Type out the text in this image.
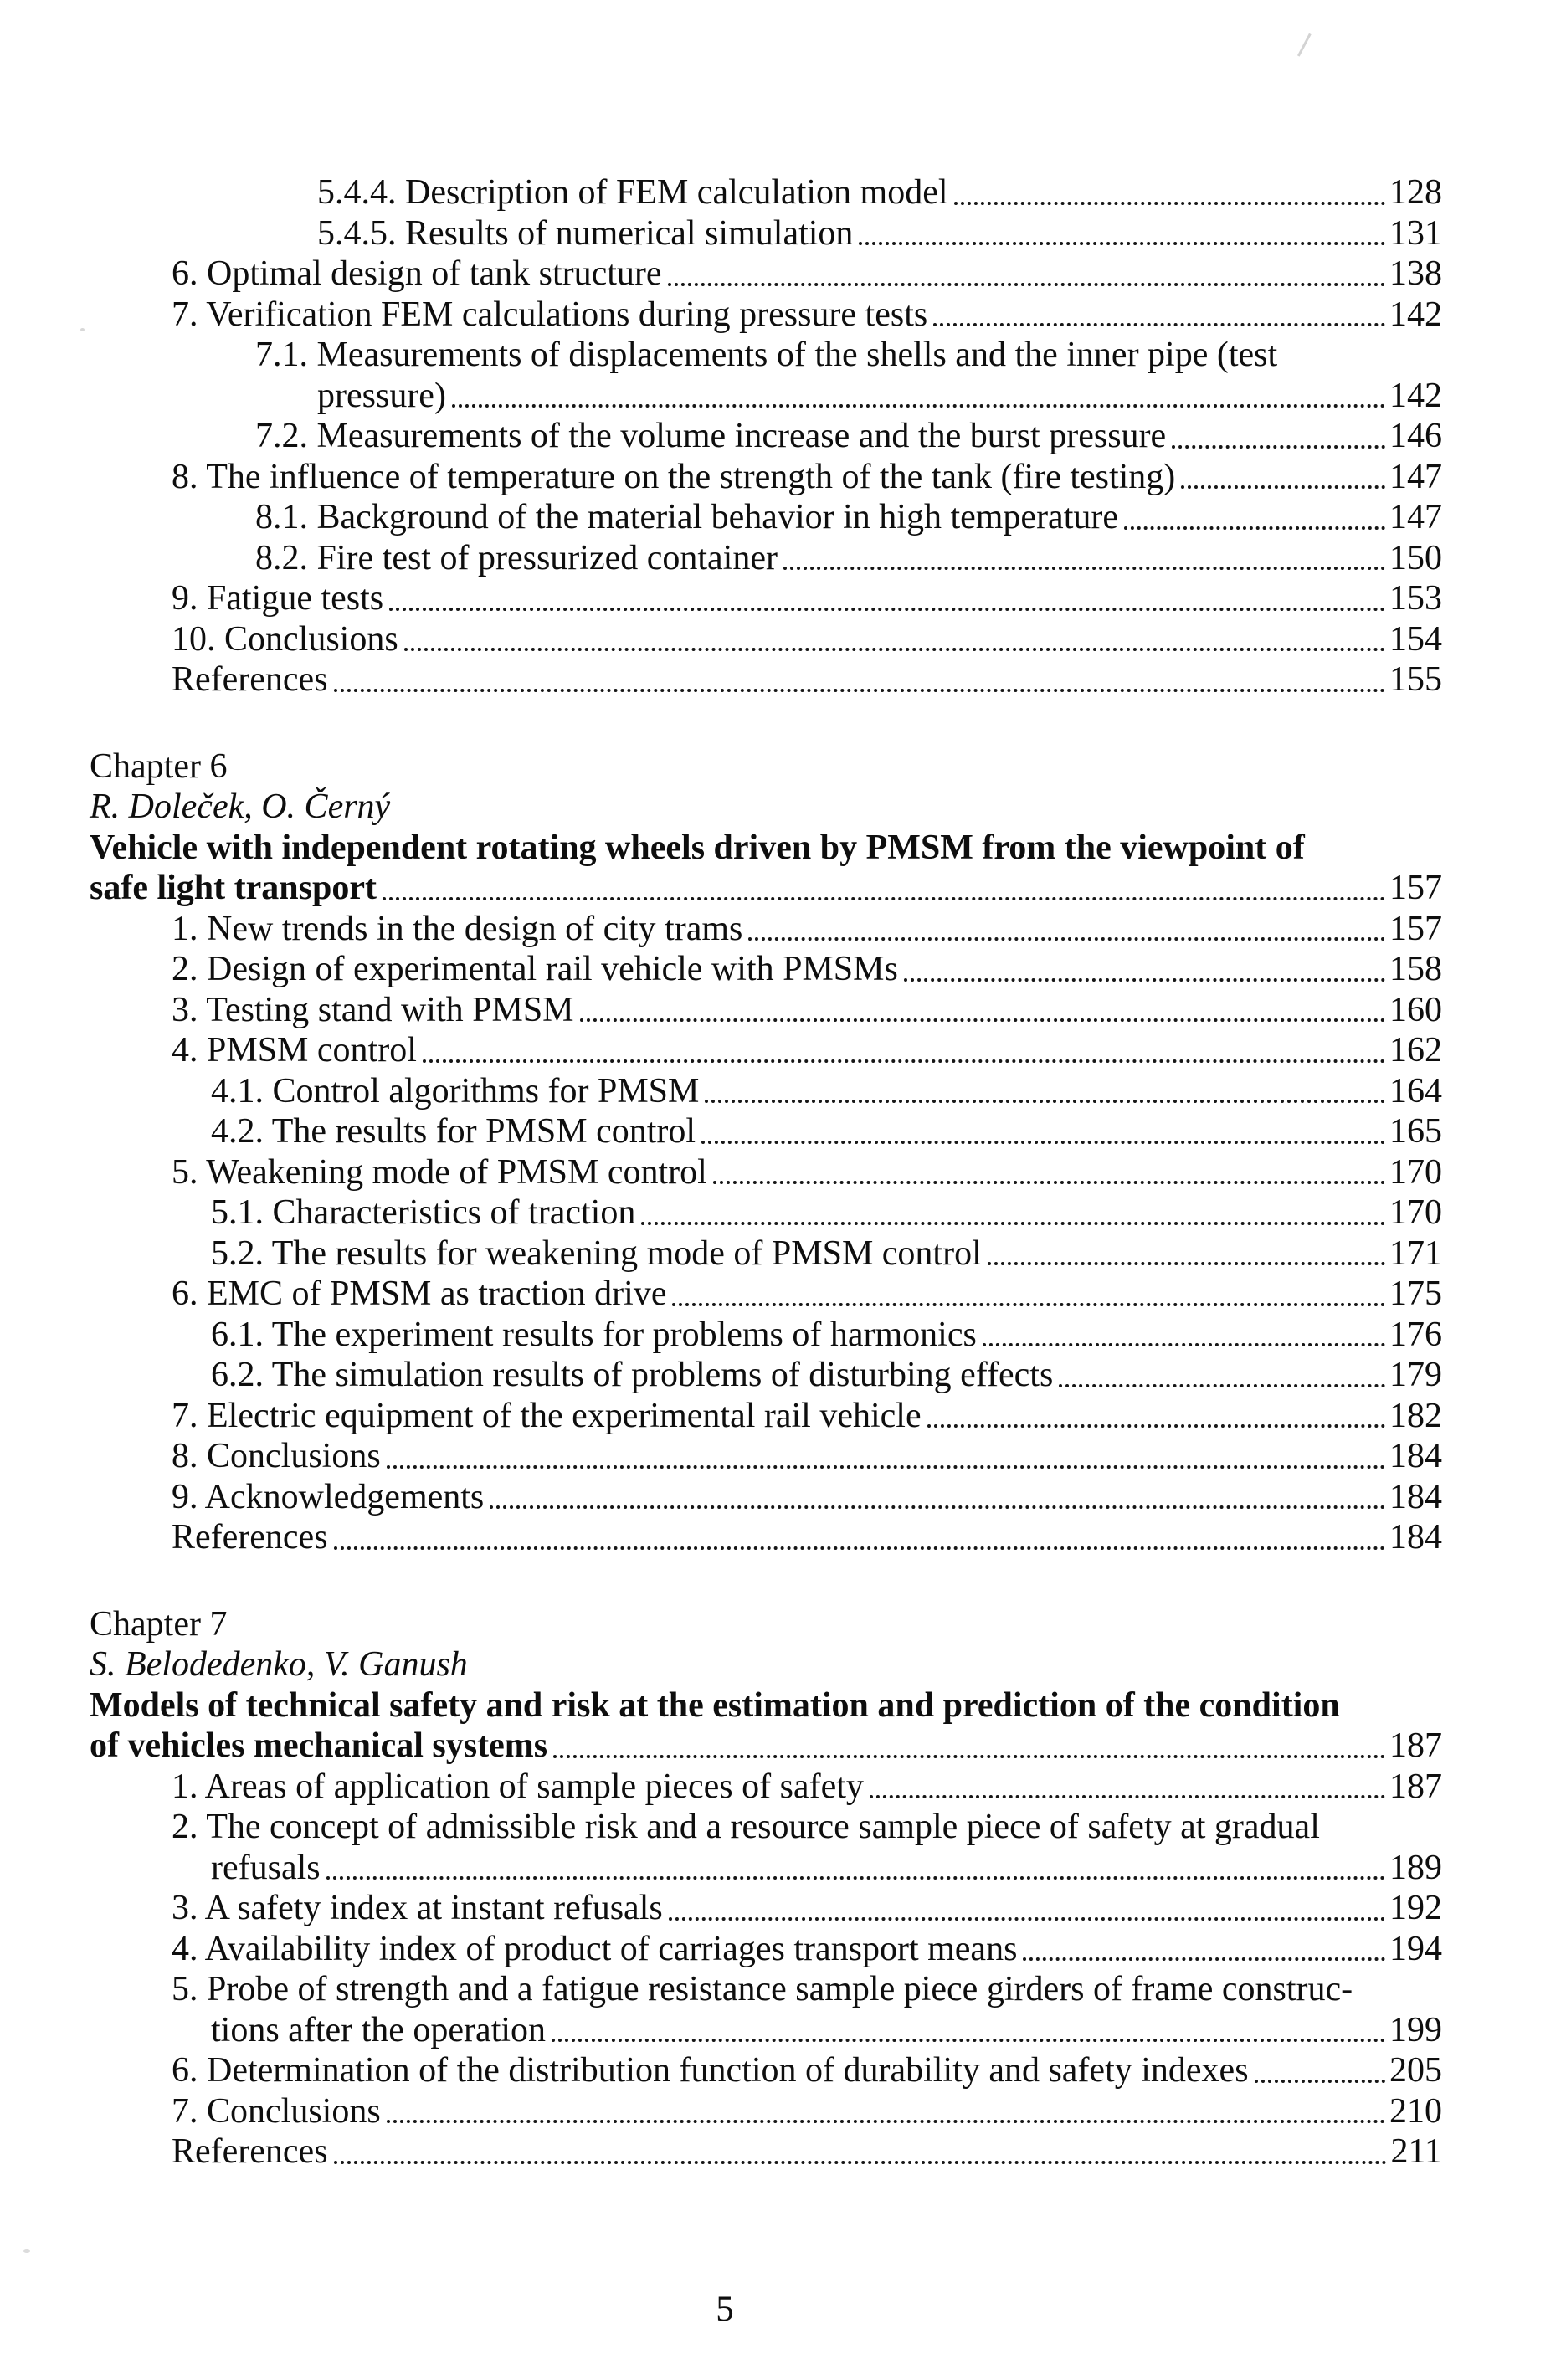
5.4.4. Description of FEM calculation model	128
5.4.5. Results of numerical simulation	131
6. Optimal design of tank structure	138
7. Verification FEM calculations during pressure tests	142
7.1. Measurements of displacements of the shells and the inner pipe (test
pressure)	142
7.2. Measurements of the volume increase and the burst pressure	146
8. The influence of temperature on the strength of the tank (fire testing)	147
8.1. Background of the material behavior in high temperature	147
8.2. Fire test of pressurized container	150
9. Fatigue tests	153
10. Conclusions	154
References	155
Chapter 6
R. Doleček, O. Černý
Vehicle with independent rotating wheels driven by PMSM from the viewpoint of
safe light transport	157
1. New trends in the design of city trams	157
2. Design of experimental rail vehicle with PMSMs	158
3. Testing stand with PMSM	160
4. PMSM control	162
4.1. Control algorithms for PMSM	164
4.2. The results for PMSM control	165
5. Weakening mode of PMSM control	170
5.1. Characteristics of traction	170
5.2. The results for weakening mode of PMSM control	171
6. EMC of PMSM as traction drive	175
6.1. The experiment results for problems of harmonics	176
6.2. The simulation results of problems of disturbing effects	179
7. Electric equipment of the experimental rail vehicle	182
8. Conclusions	184
9. Acknowledgements	184
References	184
Chapter 7
S. Belodedenko, V. Ganush
Models of technical safety and risk at the estimation and prediction of the condition
of vehicles mechanical systems	187
1. Areas of application of sample pieces of safety	187
2. The concept of admissible risk and a resource sample piece of safety at gradual
refusals	189
3. A safety index at instant refusals	192
4. Availability index of product of carriages transport means	194
5. Probe of strength and a fatigue resistance sample piece girders of frame construc-
tions after the operation	199
6. Determination of the distribution function of durability and safety indexes	205
7. Conclusions	210
References	211
5
